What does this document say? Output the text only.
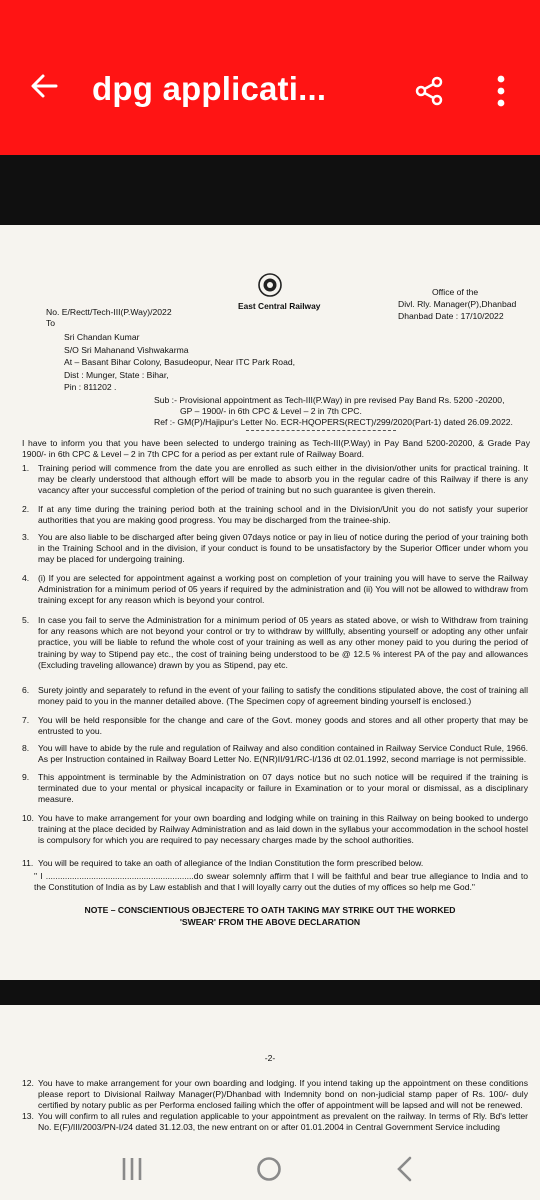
dpg applicati...
East Central Railway
Office of the
Divl. Rly. Manager(P),Dhanbad
Dhanbad Date : 17/10/2022
No. E/Rectt/Tech-III(P.Way)/2022
To
Sri Chandan Kumar
S/O Sri Mahanand Vishwakarma
At – Basant Bihar Colony, Basudeopur, Near ITC Park Road,
Dist : Munger, State : Bihar,
Pin : 811202 .
Sub :- Provisional appointment as Tech-III(P.Way) in pre revised Pay Band Rs. 5200 -20200,
GP – 1900/- in 6th CPC & Level – 2 in 7th CPC.
Ref :- GM(P)/Hajipur's Letter No. ECR-HQOPERS(RECT)/299/2020(Part-1) dated 26.09.2022.
I have to inform you that you have been selected to undergo training as Tech-III(P.Way) in Pay Band 5200-20200, & Grade Pay 1900/- in 6th CPC & Level – 2 in 7th CPC for a period as per extant rule of Railway Board.
1. Training period will commence from the date you are enrolled as such either in the division/other units for practical training. It may be clearly understood that although effort will be made to absorb you in the regular cadre of this Railway if there is any vacancy after your successful completion of the period of training but no such guarantee is given therein.
2. If at any time during the training period both at the training school and in the Division/Unit you do not satisfy your superior authorities that you are making good progress. You may be discharged from the trainee-ship.
3. You are also liable to be discharged after being given 07days notice or pay in lieu of notice during the period of your training both in the Training School and in the division, if your conduct is found to be unsatisfactory by the Superior Officer under whom you may be placed for undergoing training.
4. (i) If you are selected for appointment against a working post on completion of your training you will have to serve the Railway Administration for a minimum period of 05 years if required by the administration and (ii) You will not be allowed to withdraw from training except for any reason which is beyond your control.
5. In case you fail to serve the Administration for a minimum period of 05 years as stated above, or wish to Withdraw from training for any reasons which are not beyond your control or try to withdraw by willfully, absenting yourself or adopting any other unfair practice, you will be liable to refund the whole cost of your training as well as any other money paid to you during the period of training by way to Stipend pay etc., the cost of training being understood to be @ 12.5 % interest PA of the pay and allowances (Excluding traveling allowance) drawn by you as Stipend, pay etc.
6. Surety jointly and separately to refund in the event of your failing to satisfy the conditions stipulated above, the cost of training all money paid to you in the manner detailed above. (The Specimen copy of agreement binding yourself is enclosed.)
7. You will be held responsible for the change and care of the Govt. money goods and stores and all other property that may be entrusted to you.
8. You will have to abide by the rule and regulation of Railway and also condition contained in Railway Service Conduct Rule, 1966. As per Instruction contained in Railway Board Letter No. E(NR)II/91/RC-I/136 dt 02.01.1992, second marriage is not permissible.
9. This appointment is terminable by the Administration on 07 days notice but no such notice will be required if the training is terminated due to your mental or physical incapacity or failure in Examination or to your moral or dismissal, as a disciplinary measure.
10. You have to make arrangement for your own boarding and lodging while on training in this Railway on being booked to undergo training at the place decided by Railway Administration and as laid down in the syllabus your accommodation in the school hostel is compulsory for which you are required to pay necessary charges made by the school authorities.
11. You will be required to take an oath of allegiance of the Indian Constitution the form prescribed below.
" I ..............................................................do swear solemnly affirm that I will be faithful and bear true allegiance to India and to the Constitution of India as by Law establish and that I will loyally carry out the duties of my offices so help me God."
NOTE – CONSCIENTIOUS OBJECTERE TO OATH TAKING MAY STRIKE OUT THE WORKED
'SWEAR' FROM THE ABOVE DECLARATION
-2-
12. You have to make arrangement for your own boarding and lodging. If you intend taking up the appointment on these conditions please report to Divisional Railway Manager(P)/Dhanbad with Indemnity bond on non-judicial stamp paper of Rs. 100/- duly certified by notary public as per Performa enclosed failing which the offer of appointment will be lapsed and will not be renewed.
13. You will confirm to all rules and regulation applicable to your appointment as prevalent on the railway. In terms of Rly. Bd's letter No. E(F)/III/2003/PN-I/24 dated 31.12.03, the new entrant on or after 01.01.2004 in Central Government Service including
